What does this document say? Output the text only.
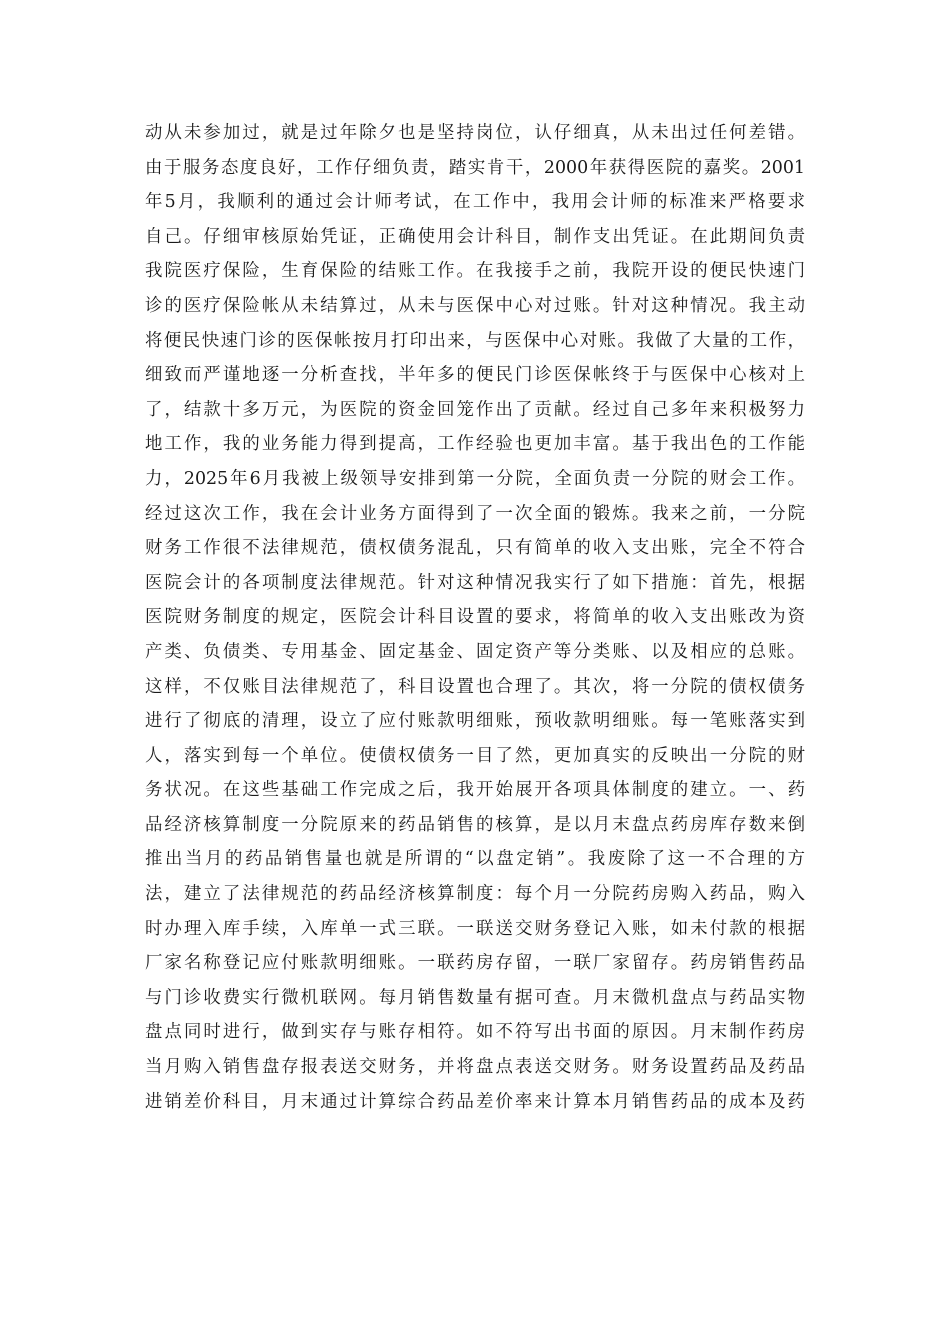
动从未参加过，就是过年除夕也是坚持岗位，认仔细真，从未出过任何差错。
由于服务态度良好，工作仔细负责，踏实肯干，2000年获得医院的嘉奖。2001
年5月，我顺利的通过会计师考试，在工作中，我用会计师的标准来严格要求
自己。仔细审核原始凭证，正确使用会计科目，制作支出凭证。在此期间负责
我院医疗保险，生育保险的结账工作。在我接手之前，我院开设的便民快速门
诊的医疗保险帐从未结算过，从未与医保中心对过账。针对这种情况。我主动
将便民快速门诊的医保帐按月打印出来，与医保中心对账。我做了大量的工作，
细致而严谨地逐一分析查找，半年多的便民门诊医保帐终于与医保中心核对上
了，结款十多万元，为医院的资金回笼作出了贡献。经过自己多年来积极努力
地工作，我的业务能力得到提高，工作经验也更加丰富。基于我出色的工作能
力，2025年6月我被上级领导安排到第一分院，全面负责一分院的财会工作。
经过这次工作，我在会计业务方面得到了一次全面的锻炼。我来之前，一分院
财务工作很不法律规范，债权债务混乱，只有简单的收入支出账，完全不符合
医院会计的各项制度法律规范。针对这种情况我实行了如下措施：首先，根据
医院财务制度的规定，医院会计科目设置的要求，将简单的收入支出账改为资
产类、负债类、专用基金、固定基金、固定资产等分类账、以及相应的总账。
这样，不仅账目法律规范了，科目设置也合理了。其次，将一分院的债权债务
进行了彻底的清理，设立了应付账款明细账，预收款明细账。每一笔账落实到
人，落实到每一个单位。使债权债务一目了然，更加真实的反映出一分院的财
务状况。在这些基础工作完成之后，我开始展开各项具体制度的建立。一、药
品经济核算制度一分院原来的药品销售的核算，是以月末盘点药房库存数来倒
推出当月的药品销售量也就是所谓的“以盘定销”。我废除了这一不合理的方
法，建立了法律规范的药品经济核算制度：每个月一分院药房购入药品，购入
时办理入库手续，入库单一式三联。一联送交财务登记入账，如未付款的根据
厂家名称登记应付账款明细账。一联药房存留，一联厂家留存。药房销售药品
与门诊收费实行微机联网。每月销售数量有据可查。月末微机盘点与药品实物
盘点同时进行，做到实存与账存相符。如不符写出书面的原因。月末制作药房
当月购入销售盘存报表送交财务，并将盘点表送交财务。财务设置药品及药品
进销差价科目，月末通过计算综合药品差价率来计算本月销售药品的成本及药
